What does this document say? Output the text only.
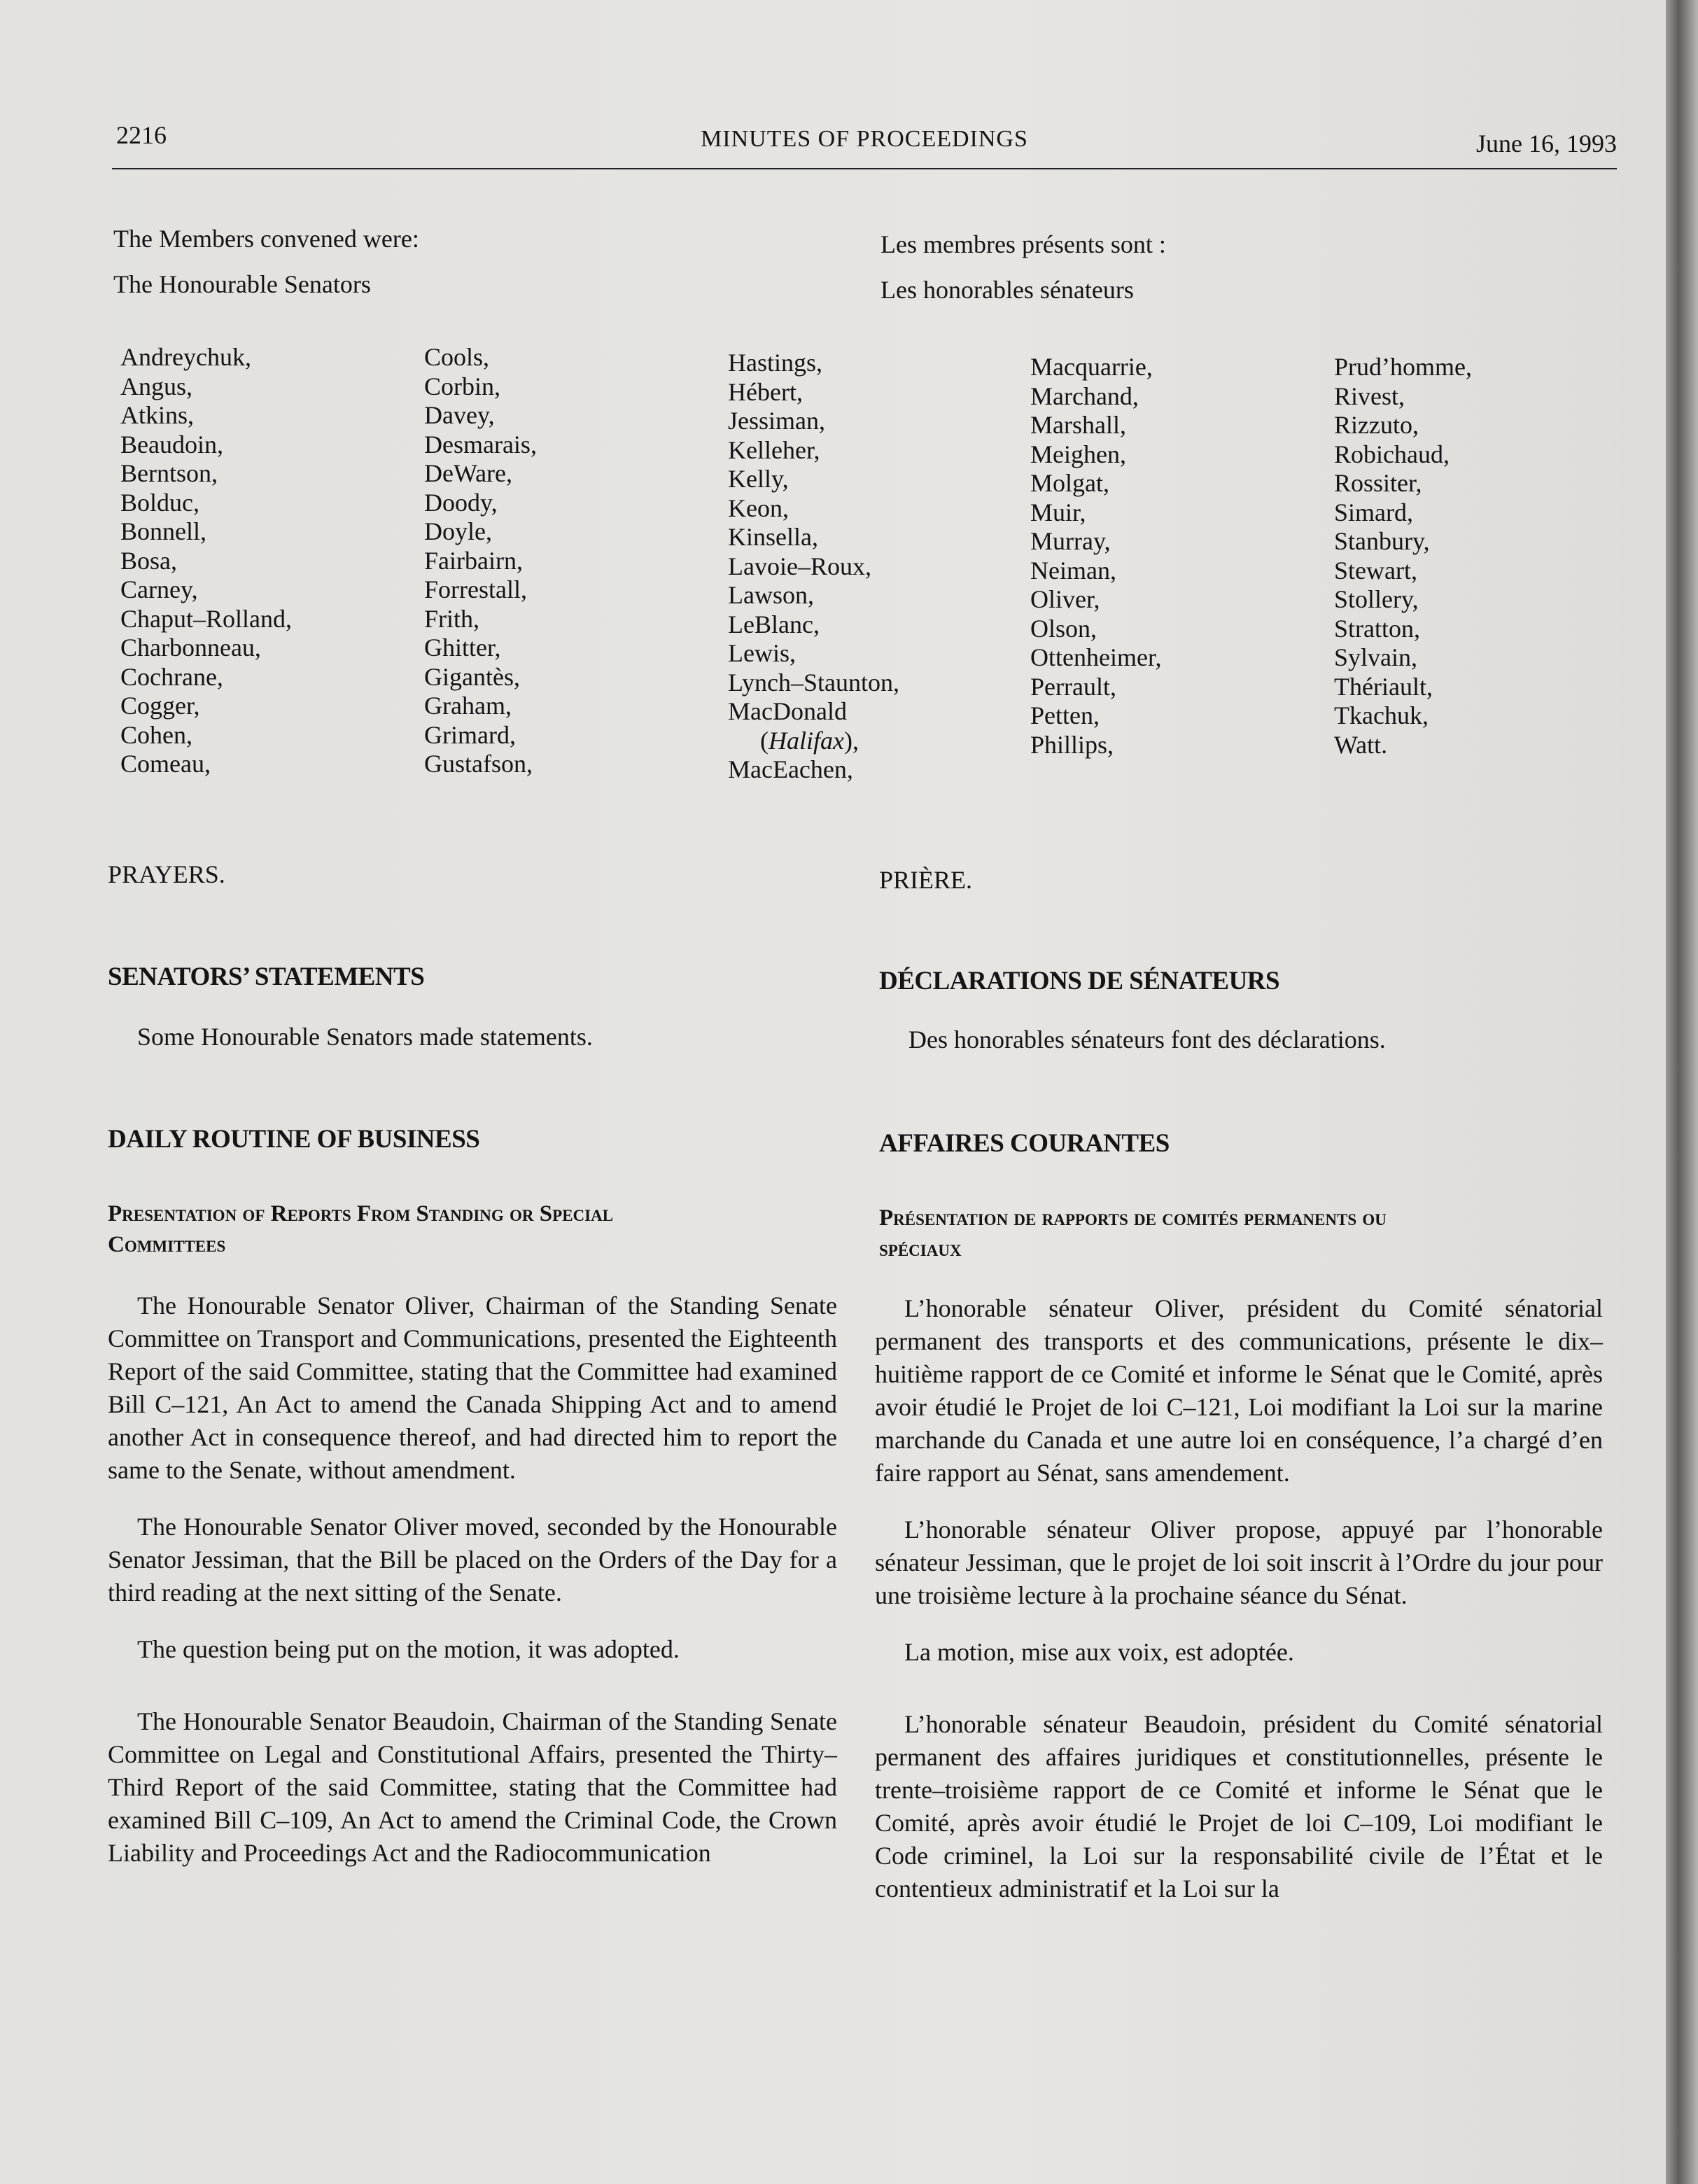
2216	MINUTES OF PROCEEDINGS	June 16, 1993

The Members convened were:

The Honourable Senators

Les membres présents sont :

Les honorables sénateurs

Andreychuk,
Angus,
Atkins,
Beaudoin,
Berntson,
Bolduc,
Bonnell,
Bosa,
Carney,
Chaput–Rolland,
Charbonneau,
Cochrane,
Cogger,
Cohen,
Comeau,
Cools,
Corbin,
Davey,
Desmarais,
DeWare,
Doody,
Doyle,
Fairbairn,
Forrestall,
Frith,
Ghitter,
Gigantès,
Graham,
Grimard,
Gustafson,
Hastings,
Hébert,
Jessiman,
Kelleher,
Kelly,
Keon,
Kinsella,
Lavoie–Roux,
Lawson,
LeBlanc,
Lewis,
Lynch–Staunton,
MacDonald
(Halifax),
MacEachen,
Macquarrie,
Marchand,
Marshall,
Meighen,
Molgat,
Muir,
Murray,
Neiman,
Oliver,
Olson,
Ottenheimer,
Perrault,
Petten,
Phillips,
Prud’homme,
Rivest,
Rizzuto,
Robichaud,
Rossiter,
Simard,
Stanbury,
Stewart,
Stollery,
Stratton,
Sylvain,
Thériault,
Tkachuk,
Watt.
PRAYERS.	PRIÈRE.
SENATORS’ STATEMENTS
Some Honourable Senators made statements.
DÉCLARATIONS DE SÉNATEURS
Des honorables sénateurs font des déclarations.
DAILY ROUTINE OF BUSINESS	AFFAIRES COURANTES
Presentation of Reports From Standing or Special
Committees
Présentation de rapports de comités permanents ou
spéciaux

The Honourable Senator Oliver, Chairman of the Standing Senate Committee on Transport and Communications, presented the Eighteenth Report of the said Committee, stating that the Committee had examined Bill C–121, An Act to amend the Canada Shipping Act and to amend another Act in consequence thereof, and had directed him to report the same to the Senate, without amendment.

The Honourable Senator Oliver moved, seconded by the Honourable Senator Jessiman, that the Bill be placed on the Orders of the Day for a third reading at the next sitting of the Senate.

The question being put on the motion, it was adopted.

The Honourable Senator Beaudoin, Chairman of the Standing Senate Committee on Legal and Constitutional Affairs, presented the Thirty–Third Report of the said Committee, stating that the Committee had examined Bill C–109, An Act to amend the Criminal Code, the Crown Liability and Proceedings Act and the Radiocommunication

L’honorable sénateur Oliver, président du Comité sénatorial permanent des transports et des communications, présente le dix–huitième rapport de ce Comité et informe le Sénat que le Comité, après avoir étudié le Projet de loi C–121, Loi modifiant la Loi sur la marine marchande du Canada et une autre loi en conséquence, l’a chargé d’en faire rapport au Sénat, sans amendement.

L’honorable sénateur Oliver propose, appuyé par l’honorable sénateur Jessiman, que le projet de loi soit inscrit à l’Ordre du jour pour une troisième lecture à la prochaine séance du Sénat.

La motion, mise aux voix, est adoptée.

L’honorable sénateur Beaudoin, président du Comité sénatorial permanent des affaires juridiques et constitutionnelles, présente le trente–troisième rapport de ce Comité et informe le Sénat que le Comité, après avoir étudié le Projet de loi C–109, Loi modifiant le Code criminel, la Loi sur la responsabilité civile de l’État et le contentieux administratif et la Loi sur la
